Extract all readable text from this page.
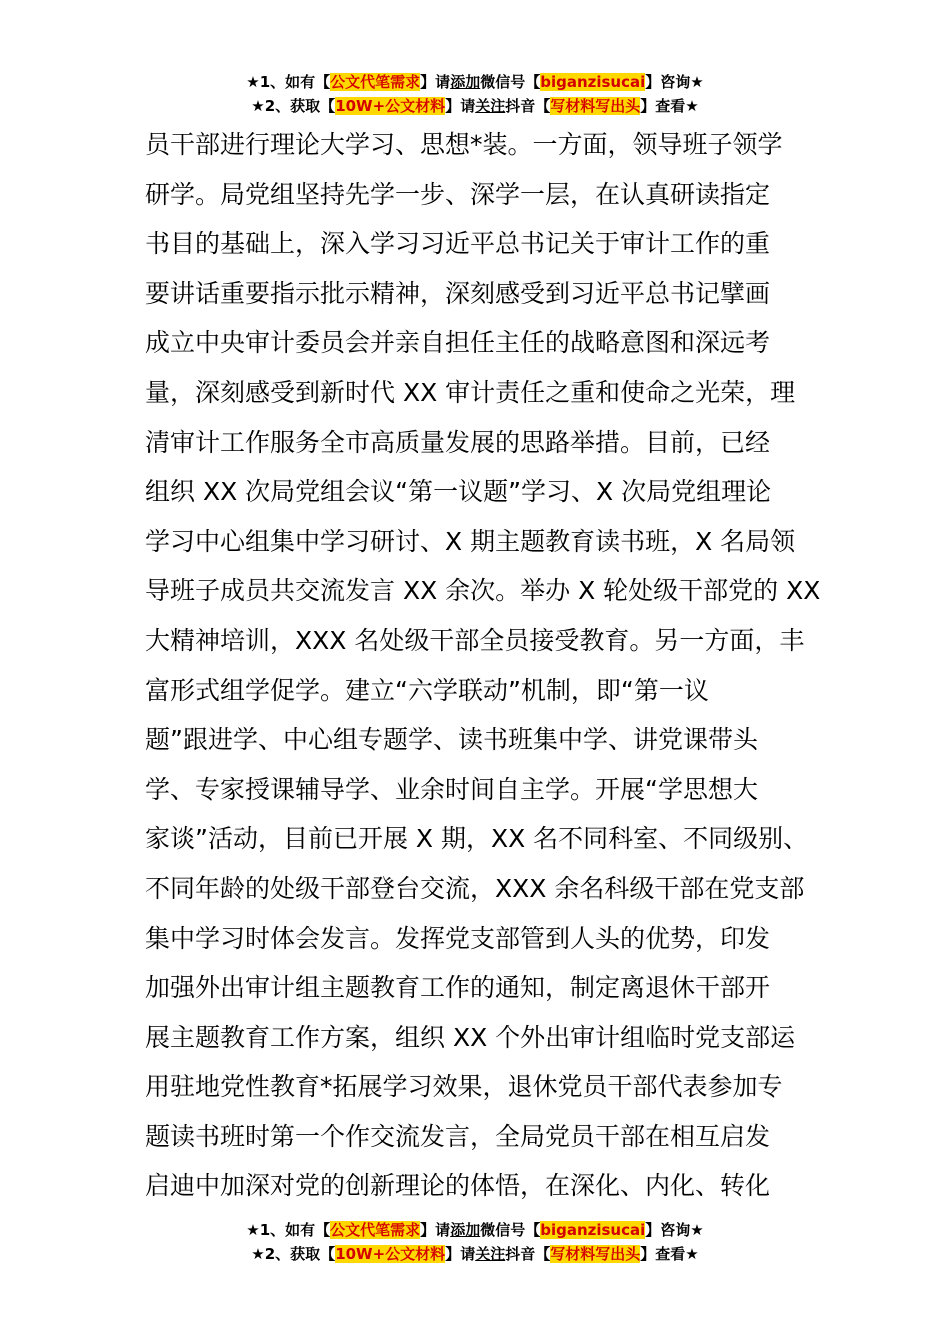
★1、如有【公文代笔需求】请添加微信号【biganzisucai】咨询★
★2、获取【10W+公文材料】请关注抖音【写材料写出头】查看★
员干部进行理论大学习、思想*装。一方面，领导班子领学
研学。局党组坚持先学一步、深学一层，在认真研读指定
书目的基础上，深入学习习近平总书记关于审计工作的重
要讲话重要指示批示精神，深刻感受到习近平总书记擘画
成立中央审计委员会并亲自担任主任的战略意图和深远考
量，深刻感受到新时代 XX 审计责任之重和使命之光荣，理
清审计工作服务全市高质量发展的思路举措。目前，已经
组织 XX 次局党组会议“第一议题”学习、X 次局党组理论
学习中心组集中学习研讨、X 期主题教育读书班，X 名局领
导班子成员共交流发言 XX 余次。举办 X 轮处级干部党的 XX
大精神培训，XXX 名处级干部全员接受教育。另一方面，丰
富形式组学促学。建立“六学联动”机制，即“第一议
题”跟进学、中心组专题学、读书班集中学、讲党课带头
学、专家授课辅导学、业余时间自主学。开展“学思想大
家谈”活动，目前已开展 X 期，XX 名不同科室、不同级别、
不同年龄的处级干部登台交流，XXX 余名科级干部在党支部
集中学习时体会发言。发挥党支部管到人头的优势，印发
加强外出审计组主题教育工作的通知，制定离退休干部开
展主题教育工作方案，组织 XX 个外出审计组临时党支部运
用驻地党性教育*拓展学习效果，退休党员干部代表参加专
题读书班时第一个作交流发言，全局党员干部在相互启发
启迪中加深对党的创新理论的体悟，在深化、内化、转化
★1、如有【公文代笔需求】请添加微信号【biganzisucai】咨询★
★2、获取【10W+公文材料】请关注抖音【写材料写出头】查看★
